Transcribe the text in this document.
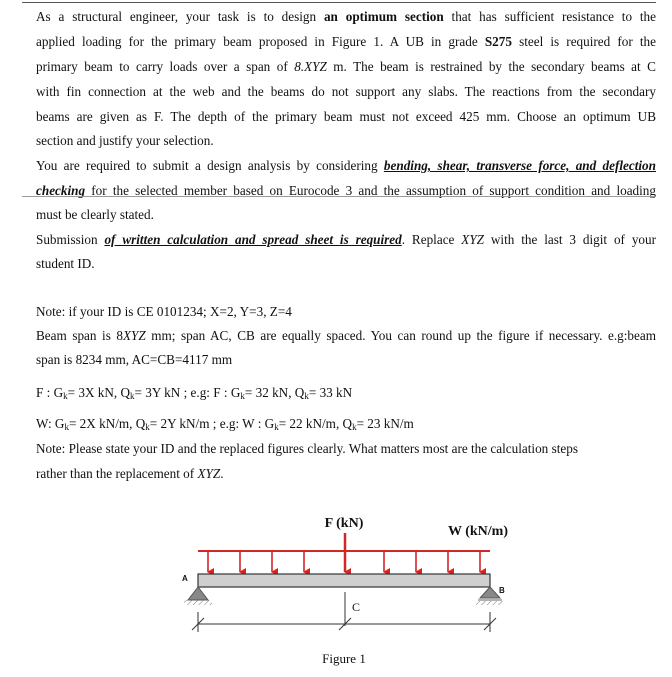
As a structural engineer, your task is to design an optimum section that has sufficient resistance to the
applied loading for the primary beam proposed in Figure 1. A UB in grade S275 steel is required for the
primary beam to carry loads over a span of 8.XYZ m. The beam is restrained by the secondary beams at C
with fin connection at the web and the beams do not support any slabs. The reactions from the secondary
beams are given as F. The depth of the primary beam must not exceed 425 mm. Choose an optimum UB
section and justify your selection.
You are required to submit a design analysis by considering bending, shear, transverse force, and deflection
checking for the selected member based on Eurocode 3 and the assumption of support condition and loading
must be clearly stated.
Submission of written calculation and spread sheet is required. Replace XYZ with the last 3 digit of your
student ID.
Note: if your ID is CE 0101234; X=2, Y=3, Z=4
Beam span is 8XYZ mm; span AC, CB are equally spaced. You can round up the figure if necessary. e.g:beam
span is 8234 mm, AC=CB=4117 mm
F : $G_k= 3X$ kN, $Q_k= 3Y$ kN ; e.g: F : $G_k= 32$ kN, $Q_k= 33$ kN
W: $G_k= 2X$ kN/m, $Q_k= 2Y$ kN/m ; e.g: W : $G_k= 22$ kN/m, $Q_k= 23$ kN/m
Note: Please state your ID and the replaced figures clearly. What matters most are the calculation steps
rather than the replacement of XYZ.
F (kN)
W (kN/m)
A
B
C
Figure 1
